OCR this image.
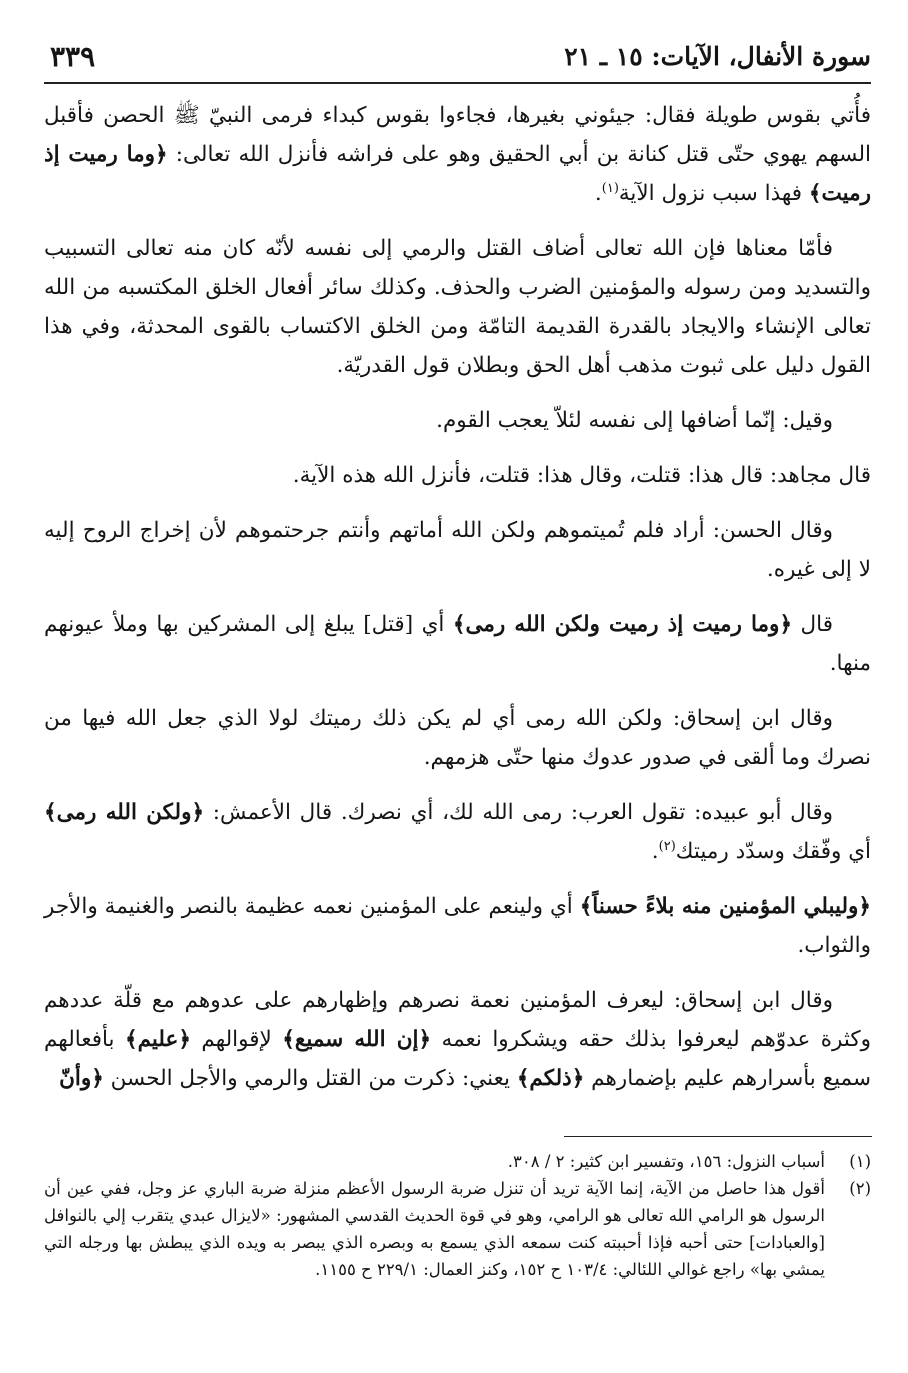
سورة الأنفال، الآيات: ١٥ ـ ٢١
٣٣٩

فأُتي بقوس طويلة فقال: جيئوني بغيرها، فجاءوا بقوس كبداء فرمى النبيّ ﷺ الحصن فأقبل السهم يهوي حتّى قتل كنانة بن أبي الحقيق وهو على فراشه فأنزل الله تعالى: ﴿وما رميت إذ رميت﴾ فهذا سبب نزول الآية$^{(١)}$.

فأمّا معناها فإن الله تعالى أضاف القتل والرمي إلى نفسه لأنّه كان منه تعالى التسبيب والتسديد ومن رسوله والمؤمنين الضرب والحذف. وكذلك سائر أفعال الخلق المكتسبه من الله تعالى الإنشاء والايجاد بالقدرة القديمة التامّة ومن الخلق الاكتساب بالقوى المحدثة، وفي هذا القول دليل على ثبوت مذهب أهل الحق وبطلان قول القدريّة.

وقيل: إنّما أضافها إلى نفسه لئلاّ يعجب القوم.

قال مجاهد: قال هذا: قتلت، وقال هذا: قتلت، فأنزل الله هذه الآية.

وقال الحسن: أراد فلم تُميتموهم ولكن الله أماتهم وأنتم جرحتموهم لأن إخراج الروح إليه لا إلى غيره.

قال ﴿وما رميت إذ رميت ولكن الله رمى﴾ أي [قتل] يبلغ إلى المشركين بها وملأ عيونهم منها.

وقال ابن إسحاق: ولكن الله رمى أي لم يكن ذلك رميتك لولا الذي جعل الله فيها من نصرك وما ألقى في صدور عدوك منها حتّى هزمهم.

وقال أبو عبيده: تقول العرب: رمى الله لك، أي نصرك. قال الأعمش: ﴿ولكن الله رمى﴾ أي وفّقك وسدّد رميتك$^{(٢)}$.

﴿وليبلي المؤمنين منه بلاءً حسناً﴾ أي ولينعم على المؤمنين نعمه عظيمة بالنصر والغنيمة والأجر والثواب.

وقال ابن إسحاق: ليعرف المؤمنين نعمة نصرهم وإظهارهم على عدوهم مع قلّة عددهم وكثرة عدوّهم ليعرفوا بذلك حقه ويشكروا نعمه ﴿إن الله سميع﴾ لإقوالهم ﴿عليم﴾ بأفعالهم سميع بأسرارهم عليم بإضمارهم ﴿ذلكم﴾ يعني: ذكرت من القتل والرمي والأجل الحسن ﴿وأنّ

(١)
أسباب النزول: ١٥٦، وتفسير ابن كثير: ٢ / ٣٠٨.

(٢)
أقول هذا حاصل من الآية، إنما الآية تريد أن تنزل ضربة الرسول الأعظم منزلة ضربة الباري عز وجل، ففي عين أن الرسول هو الرامي الله تعالى هو الرامي، وهو في قوة الحديث القدسي المشهور: «لايزال عبدي يتقرب إلي بالنوافل [والعبادات] حتى أحبه فإذا أحببته كنت سمعه الذي يسمع به وبصره الذي يبصر به ويده الذي يبطش بها ورجله التي يمشي بها» راجع غوالي اللئالي: ١٠٣/٤ ح ١٥٢، وكنز العمال: ٢٢٩/١ ح ١١٥٥.
